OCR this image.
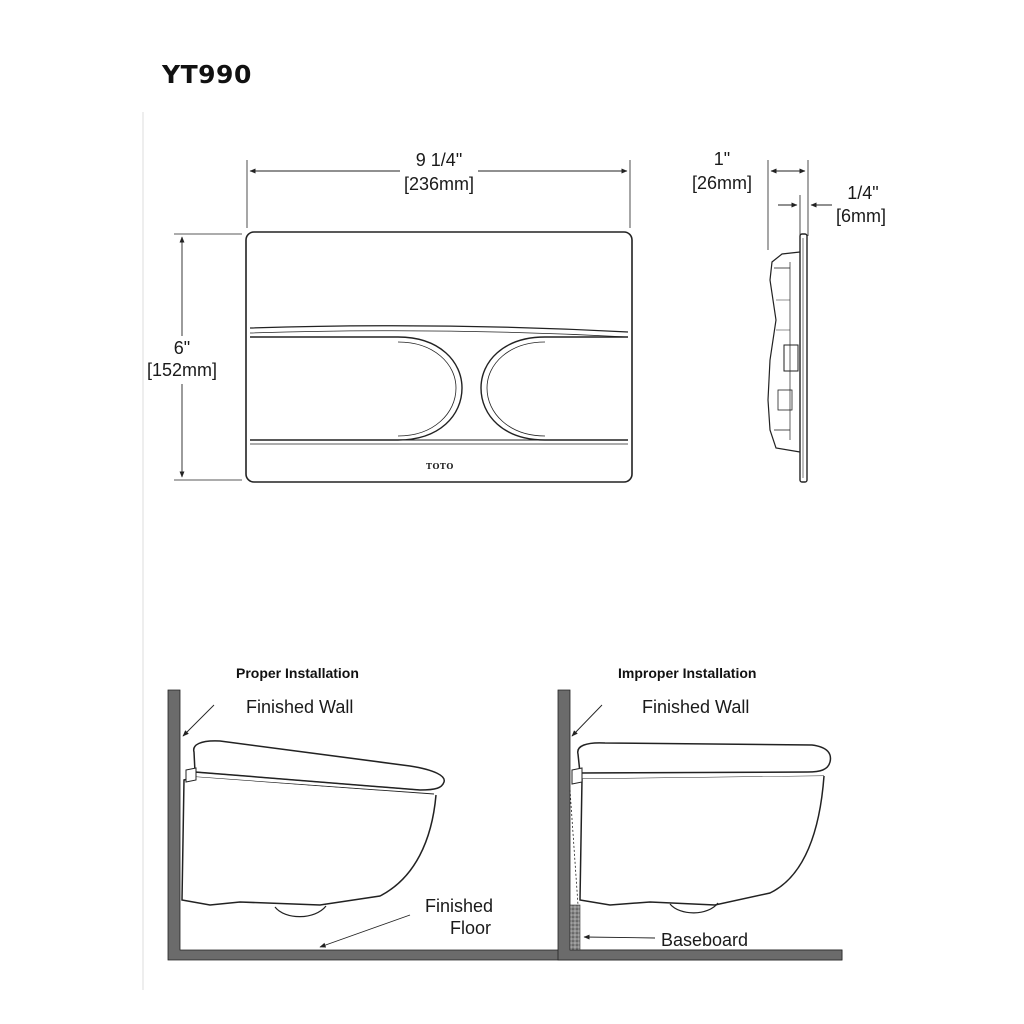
YT990
9 1/4"
[236mm]
6"
[152mm]
TOTO
1"
[26mm]	1/4"
[6mm]
Proper Installation	Improper Installation
Finished Wall
Finished
Floor
Finished Wall
Baseboard
